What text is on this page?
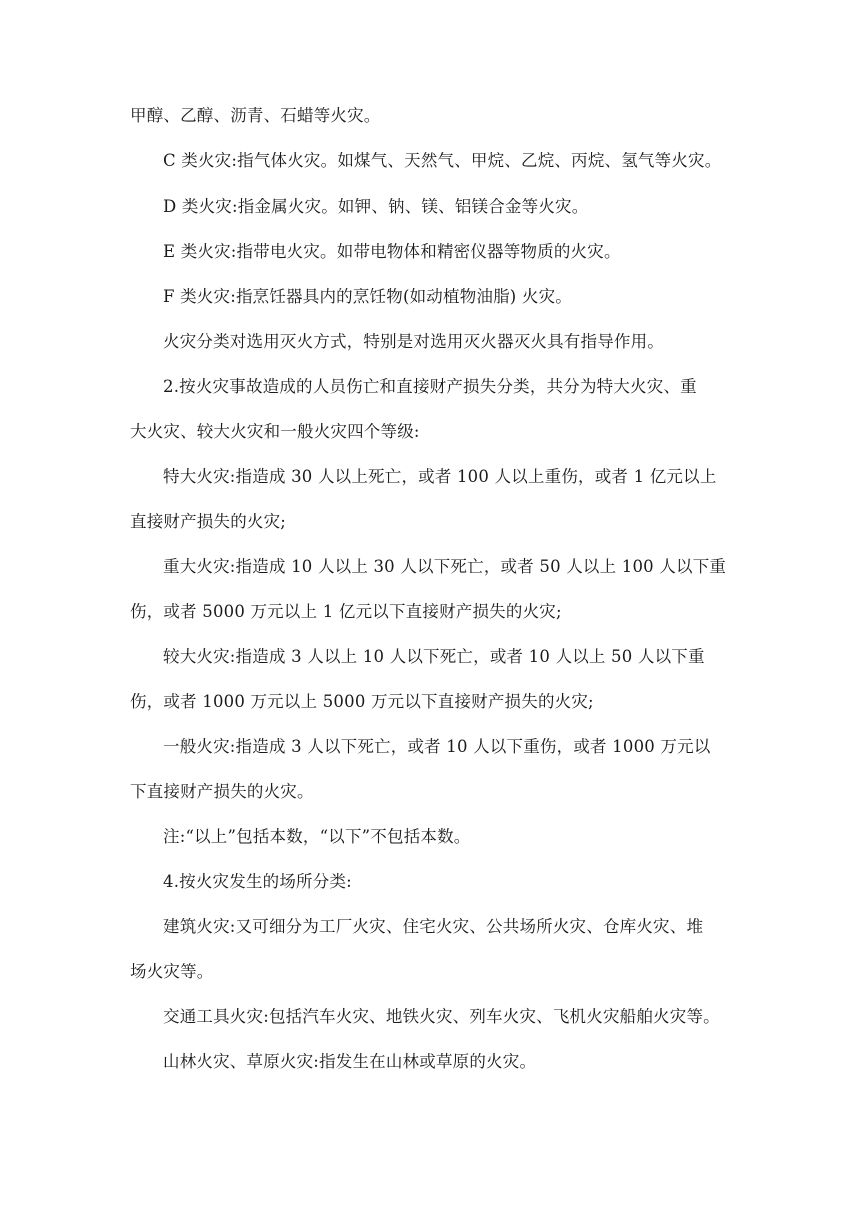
甲醇、乙醇、沥青、石蜡等火灾。
C 类火灾:指气体火灾。如煤气、天然气、甲烷、乙烷、丙烷、氢气等火灾。
D 类火灾:指金属火灾。如钾、钠、镁、铝镁合金等火灾。
E 类火灾:指带电火灾。如带电物体和精密仪器等物质的火灾。
F 类火灾:指烹饪器具内的烹饪物(如动植物油脂) 火灾。
火灾分类对选用灭火方式，特别是对选用灭火器灭火具有指导作用。
2.按火灾事故造成的人员伤亡和直接财产损失分类，共分为特大火灾、重
大火灾、较大火灾和一般火灾四个等级:
特大火灾:指造成 30 人以上死亡，或者 100 人以上重伤，或者 1 亿元以上
直接财产损失的火灾;
重大火灾:指造成 10 人以上 30 人以下死亡，或者 50 人以上 100 人以下重
伤，或者 5000 万元以上 1 亿元以下直接财产损失的火灾;
较大火灾:指造成 3 人以上 10 人以下死亡，或者 10 人以上 50 人以下重
伤，或者 1000 万元以上 5000 万元以下直接财产损失的火灾;
一般火灾:指造成 3 人以下死亡，或者 10 人以下重伤，或者 1000 万元以
下直接财产损失的火灾。
注:“以上”包括本数，“以下”不包括本数。
4.按火灾发生的场所分类:
建筑火灾:又可细分为工厂火灾、住宅火灾、公共场所火灾、仓库火灾、堆
场火灾等。
交通工具火灾:包括汽车火灾、地铁火灾、列车火灾、飞机火灾船舶火灾等。
山林火灾、草原火灾:指发生在山林或草原的火灾。
